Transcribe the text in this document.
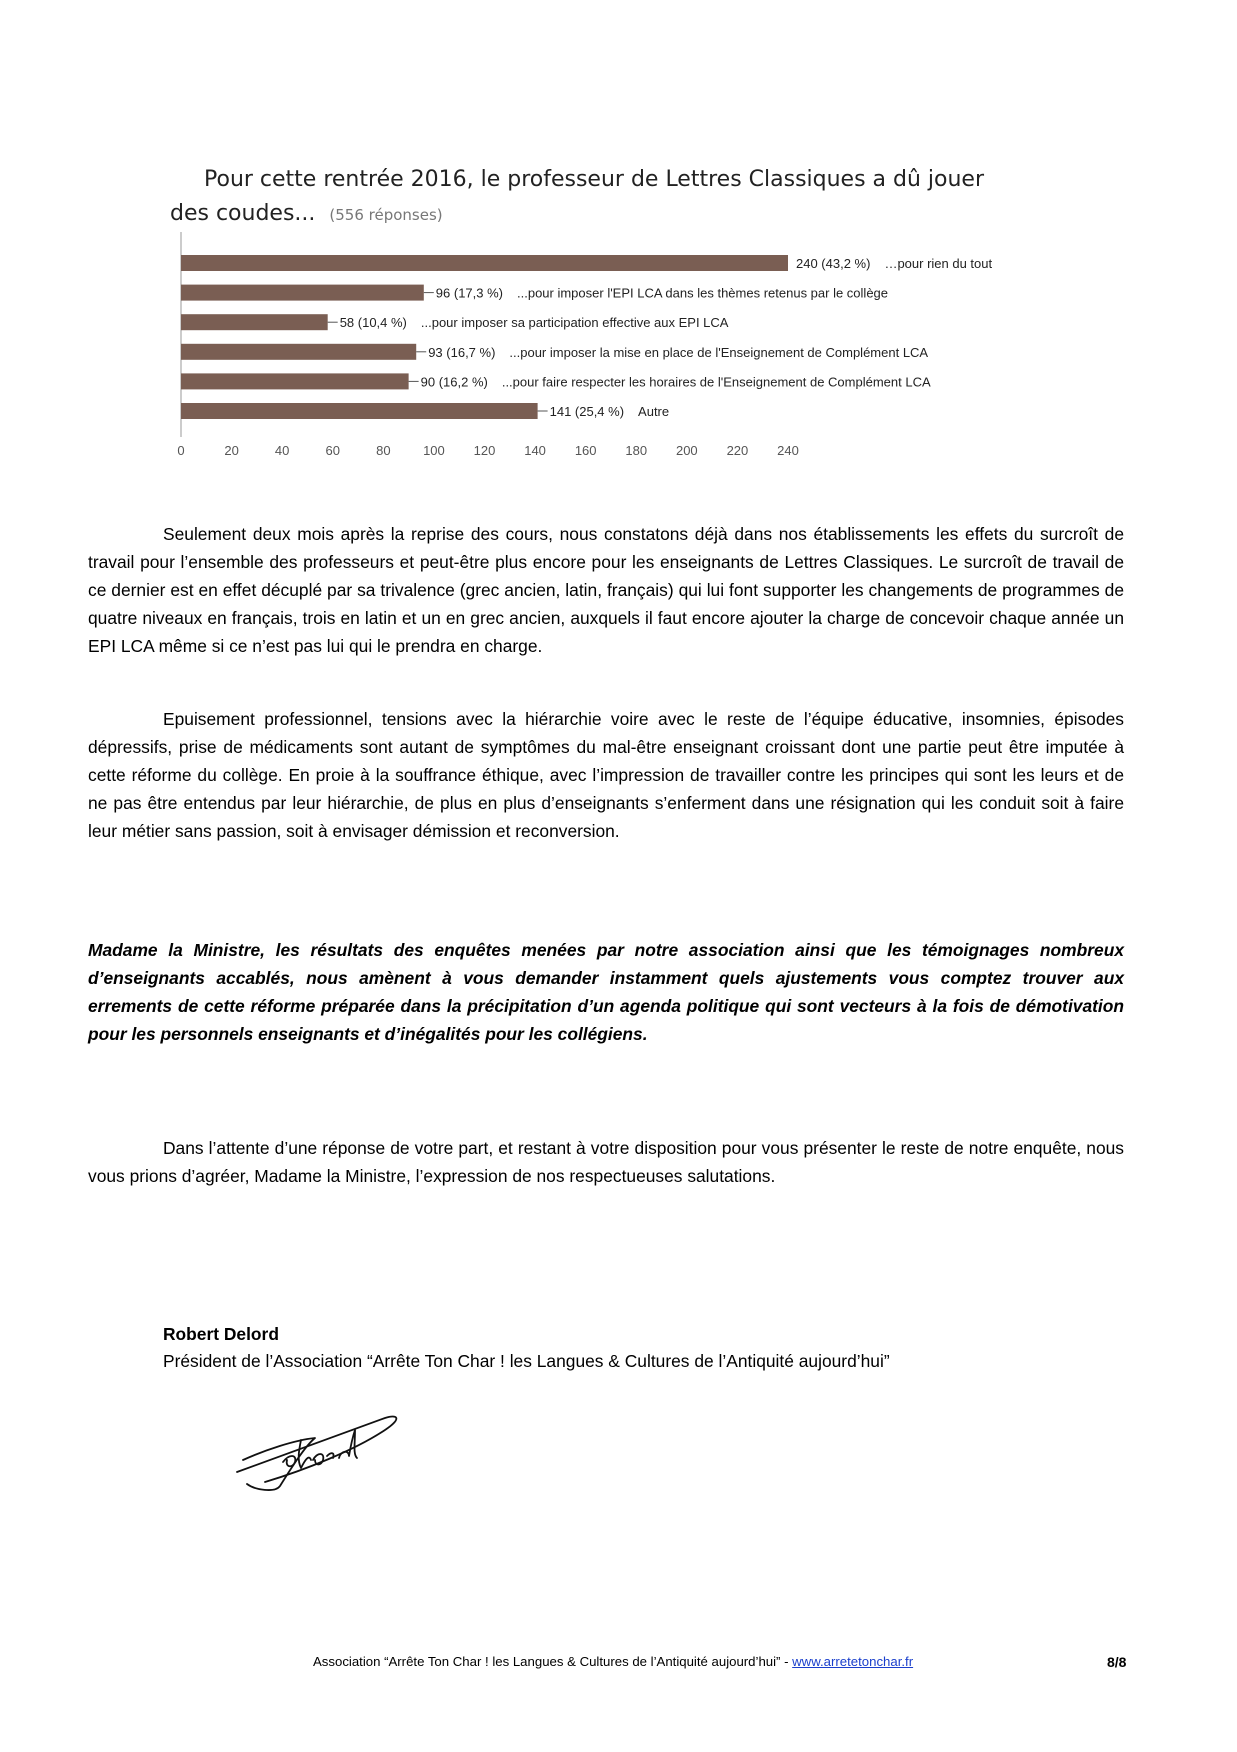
Pour cette rentrée 2016, le professeur de Lettres Classiques a dû jouer
des coudes... (556 réponses)
0	20	40	60	80 100 120 140 160 180 200 220 240
240 (43,2 %) …pour rien du tout
96 (17,3 %) ...pour imposer l'EPI LCA dans les thèmes retenus par le collège
58 (10,4 %) ...pour imposer sa participation effective aux EPI LCA
93 (16,7 %) ...pour imposer la mise en place de l'Enseignement de Complément LCA
90 (16,2 %) ...pour faire respecter les horaires de l'Enseignement de Complément LCA
141 (25,4 %) Autre

Seulement deux mois après la reprise des cours, nous constatons déjà dans nos établissements les effets du surcroît de travail pour l’ensemble des professeurs et peut-être plus encore pour les enseignants de Lettres Classiques. Le surcroît de travail de ce dernier est en effet décuplé par sa trivalence (grec ancien, latin, français) qui lui font supporter les changements de programmes de quatre niveaux en français, trois en latin et un en grec ancien, auxquels il faut encore ajouter la charge de concevoir chaque année un EPI LCA même si ce n’est pas lui qui le prendra en charge.

Epuisement professionnel, tensions avec la hiérarchie voire avec le reste de l’équipe éducative, insomnies, épisodes dépressifs, prise de médicaments sont autant de symptômes du mal-être enseignant croissant dont une partie peut être imputée à cette réforme du collège. En proie à la souffrance éthique, avec l’impression de travailler contre les principes qui sont les leurs et de ne pas être entendus par leur hiérarchie, de plus en plus d’enseignants s’enferment dans une résignation qui les conduit soit à faire leur métier sans passion, soit à envisager démission et reconversion.

Madame la Ministre, les résultats des enquêtes menées par notre association ainsi que les témoignages nombreux d’enseignants accablés, nous amènent à vous demander instamment quels ajustements vous comptez trouver aux errements de cette réforme préparée dans la précipitation d’un agenda politique qui sont vecteurs à la fois de démotivation pour les personnels enseignants et d’inégalités pour les collégiens.

Dans l’attente d’une réponse de votre part, et restant à votre disposition pour vous présenter le reste de notre enquête, nous vous prions d’agréer, Madame la Ministre, l’expression de nos respectueuses salutations.

Robert Delord
Président de l’Association “Arrête Ton Char ! les Langues & Cultures de l’Antiquité aujourd’hui”
Association “Arrête Ton Char ! les Langues & Cultures de l’Antiquité aujourd’hui” - www.arretetonchar.fr	8/8
